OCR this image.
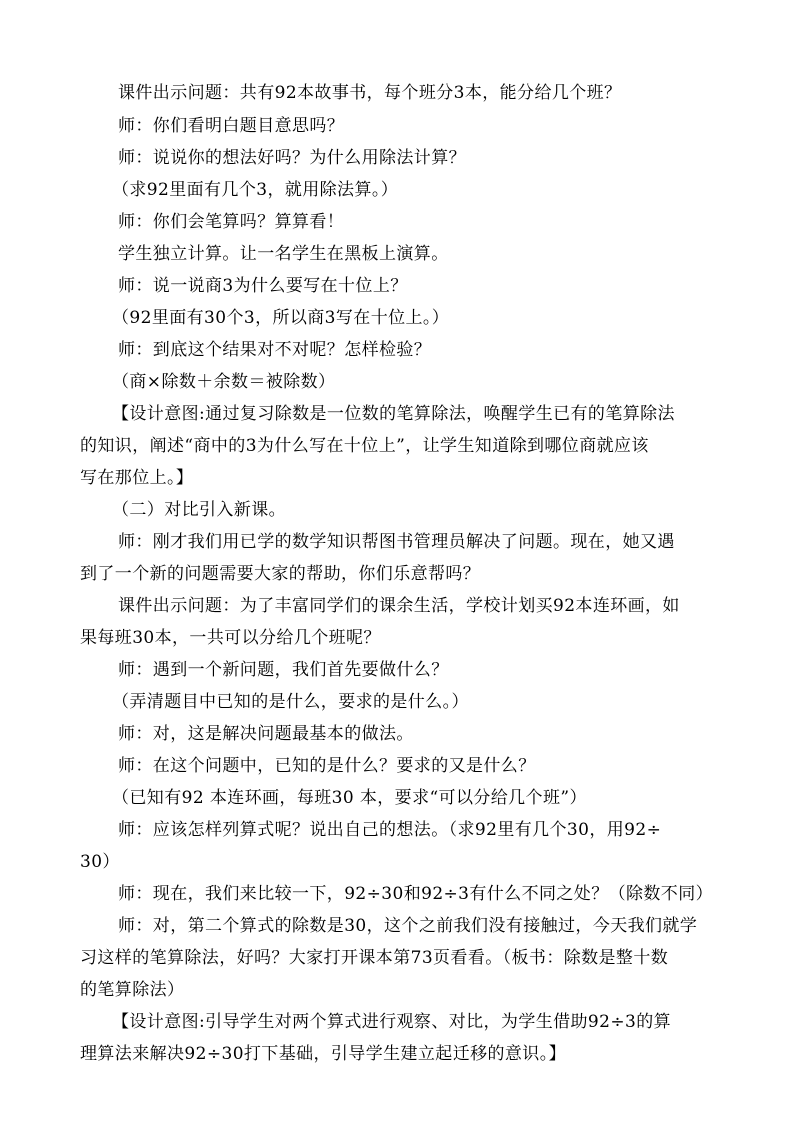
课件出示问题：共有92本故事书，每个班分3本，能分给几个班？
师：你们看明白题目意思吗？
师：说说你的想法好吗？为什么用除法计算？
（求92里面有几个3，就用除法算。）
师：你们会笔算吗？算算看！
学生独立计算。让一名学生在黑板上演算。
师：说一说商3为什么要写在十位上？
（92里面有30个3，所以商3写在十位上。）
师：到底这个结果对不对呢？怎样检验？
（商×除数＋余数＝被除数）
【设计意图:通过复习除数是一位数的笔算除法，唤醒学生已有的笔算除法
的知识，阐述“商中的3为什么写在十位上”，让学生知道除到哪位商就应该
写在那位上。】
（二）对比引入新课。
师：刚才我们用已学的数学知识帮图书管理员解决了问题。现在，她又遇
到了一个新的问题需要大家的帮助，你们乐意帮吗？
课件出示问题：为了丰富同学们的课余生活，学校计划买92本连环画，如
果每班30本，一共可以分给几个班呢？
师：遇到一个新问题，我们首先要做什么？
（弄清题目中已知的是什么，要求的是什么。）
师：对，这是解决问题最基本的做法。
师：在这个问题中，已知的是什么？要求的又是什么？
（已知有92 本连环画，每班30 本，要求“可以分给几个班”）
师：应该怎样列算式呢？说出自己的想法。（求92里有几个30，用92÷
30）
师：现在，我们来比较一下，92÷30和92÷3有什么不同之处？（除数不同）
师：对，第二个算式的除数是30，这个之前我们没有接触过，今天我们就学
习这样的笔算除法，好吗？大家打开课本第73页看看。（板书：除数是整十数
的笔算除法）
【设计意图:引导学生对两个算式进行观察、对比，为学生借助92÷3的算
理算法来解决92÷30打下基础，引导学生建立起迁移的意识。】
